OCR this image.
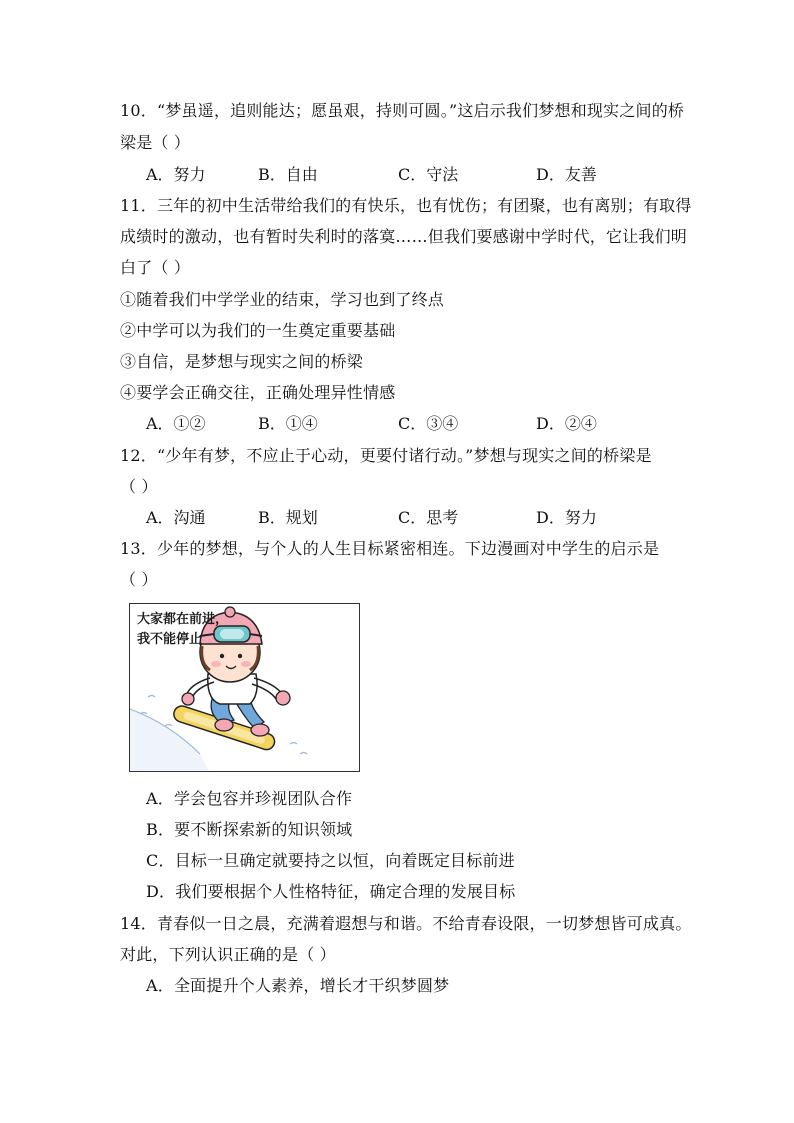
10．“梦虽遥，追则能达；愿虽艰，持则可圆。”这启示我们梦想和现实之间的桥
梁是（ ）
A．努力	B．自由	C．守法	D．友善
11．三年的初中生活带给我们的有快乐，也有忧伤；有团聚，也有离别；有取得
成绩时的激动，也有暂时失利时的落寞……但我们要感谢中学时代，它让我们明
白了（ ）
①随着我们中学学业的结束，学习也到了终点
②中学可以为我们的一生奠定重要基础
③自信，是梦想与现实之间的桥梁
④要学会正确交往，正确处理异性情感
A．①②	B．①④	C．③④	D．②④
12．“少年有梦，不应止于心动，更要付诸行动。”梦想与现实之间的桥梁是
（ ）
A．沟通	B．规划	C．思考	D．努力
13．少年的梦想，与个人的人生目标紧密相连。下边漫画对中学生的启示是
（ ）
大家都在前进，
我不能停止
A．学会包容并珍视团队合作
B．要不断探索新的知识领域
C．目标一旦确定就要持之以恒，向着既定目标前进
D．我们要根据个人性格特征，确定合理的发展目标
14．青春似一日之晨，充满着遐想与和谐。不给青春设限，一切梦想皆可成真。
对此，下列认识正确的是（ ）
A．全面提升个人素养，增长才干织梦圆梦
